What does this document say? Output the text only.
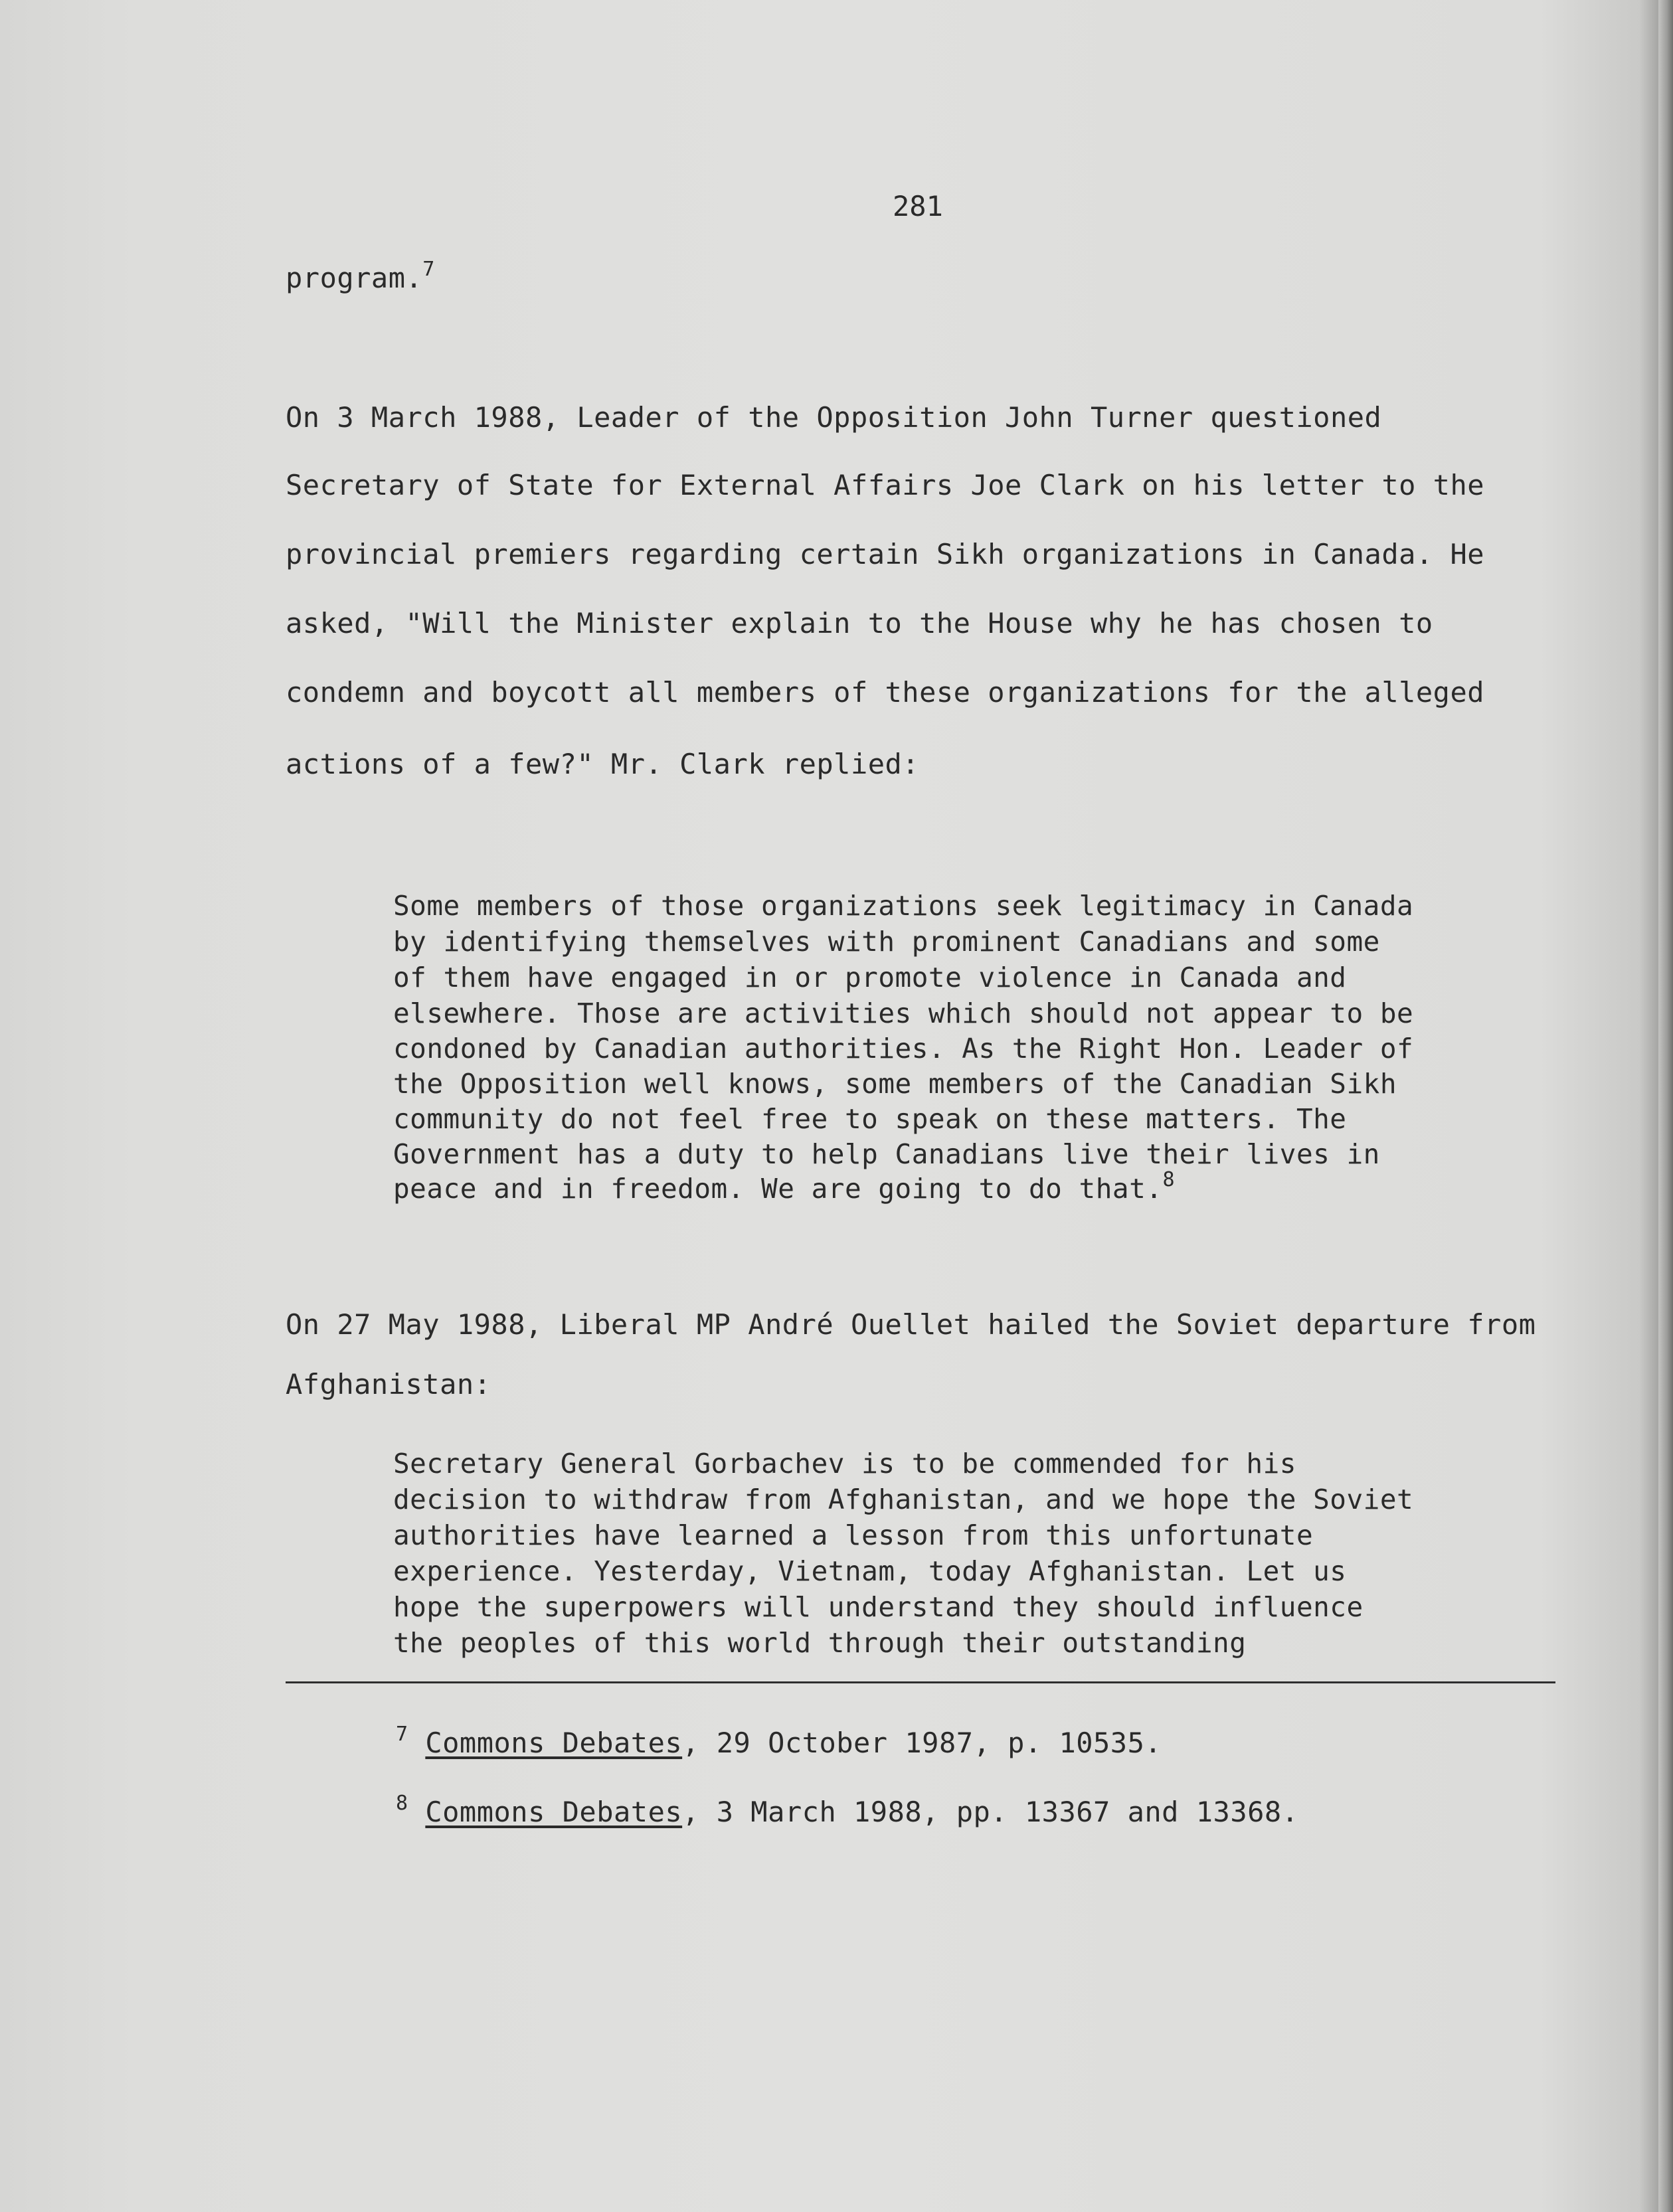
281
program.$^7$
On 3 March 1988, Leader of the Opposition John Turner questioned
Secretary of State for External Affairs Joe Clark on his letter to the
provincial premiers regarding certain Sikh organizations in Canada. He
asked, "Will the Minister explain to the House why he has chosen to
condemn and boycott all members of these organizations for the alleged
actions of a few?" Mr. Clark replied:
Some members of those organizations seek legitimacy in Canada
by identifying themselves with prominent Canadians and some
of them have engaged in or promote violence in Canada and
elsewhere. Those are activities which should not appear to be
condoned by Canadian authorities. As the Right Hon. Leader of
the Opposition well knows, some members of the Canadian Sikh
community do not feel free to speak on these matters. The
Government has a duty to help Canadians live their lives in
peace and in freedom. We are going to do that.$^8$
On 27 May 1988, Liberal MP André Ouellet hailed the Soviet departure from
Afghanistan:
Secretary General Gorbachev is to be commended for his
decision to withdraw from Afghanistan, and we hope the Soviet
authorities have learned a lesson from this unfortunate
experience. Yesterday, Vietnam, today Afghanistan. Let us
hope the superpowers will understand they should influence
the peoples of this world through their outstanding
$^7$ Commons Debates, 29 October 1987, p. 10535.
$^8$ Commons Debates, 3 March 1988, pp. 13367 and 13368.
